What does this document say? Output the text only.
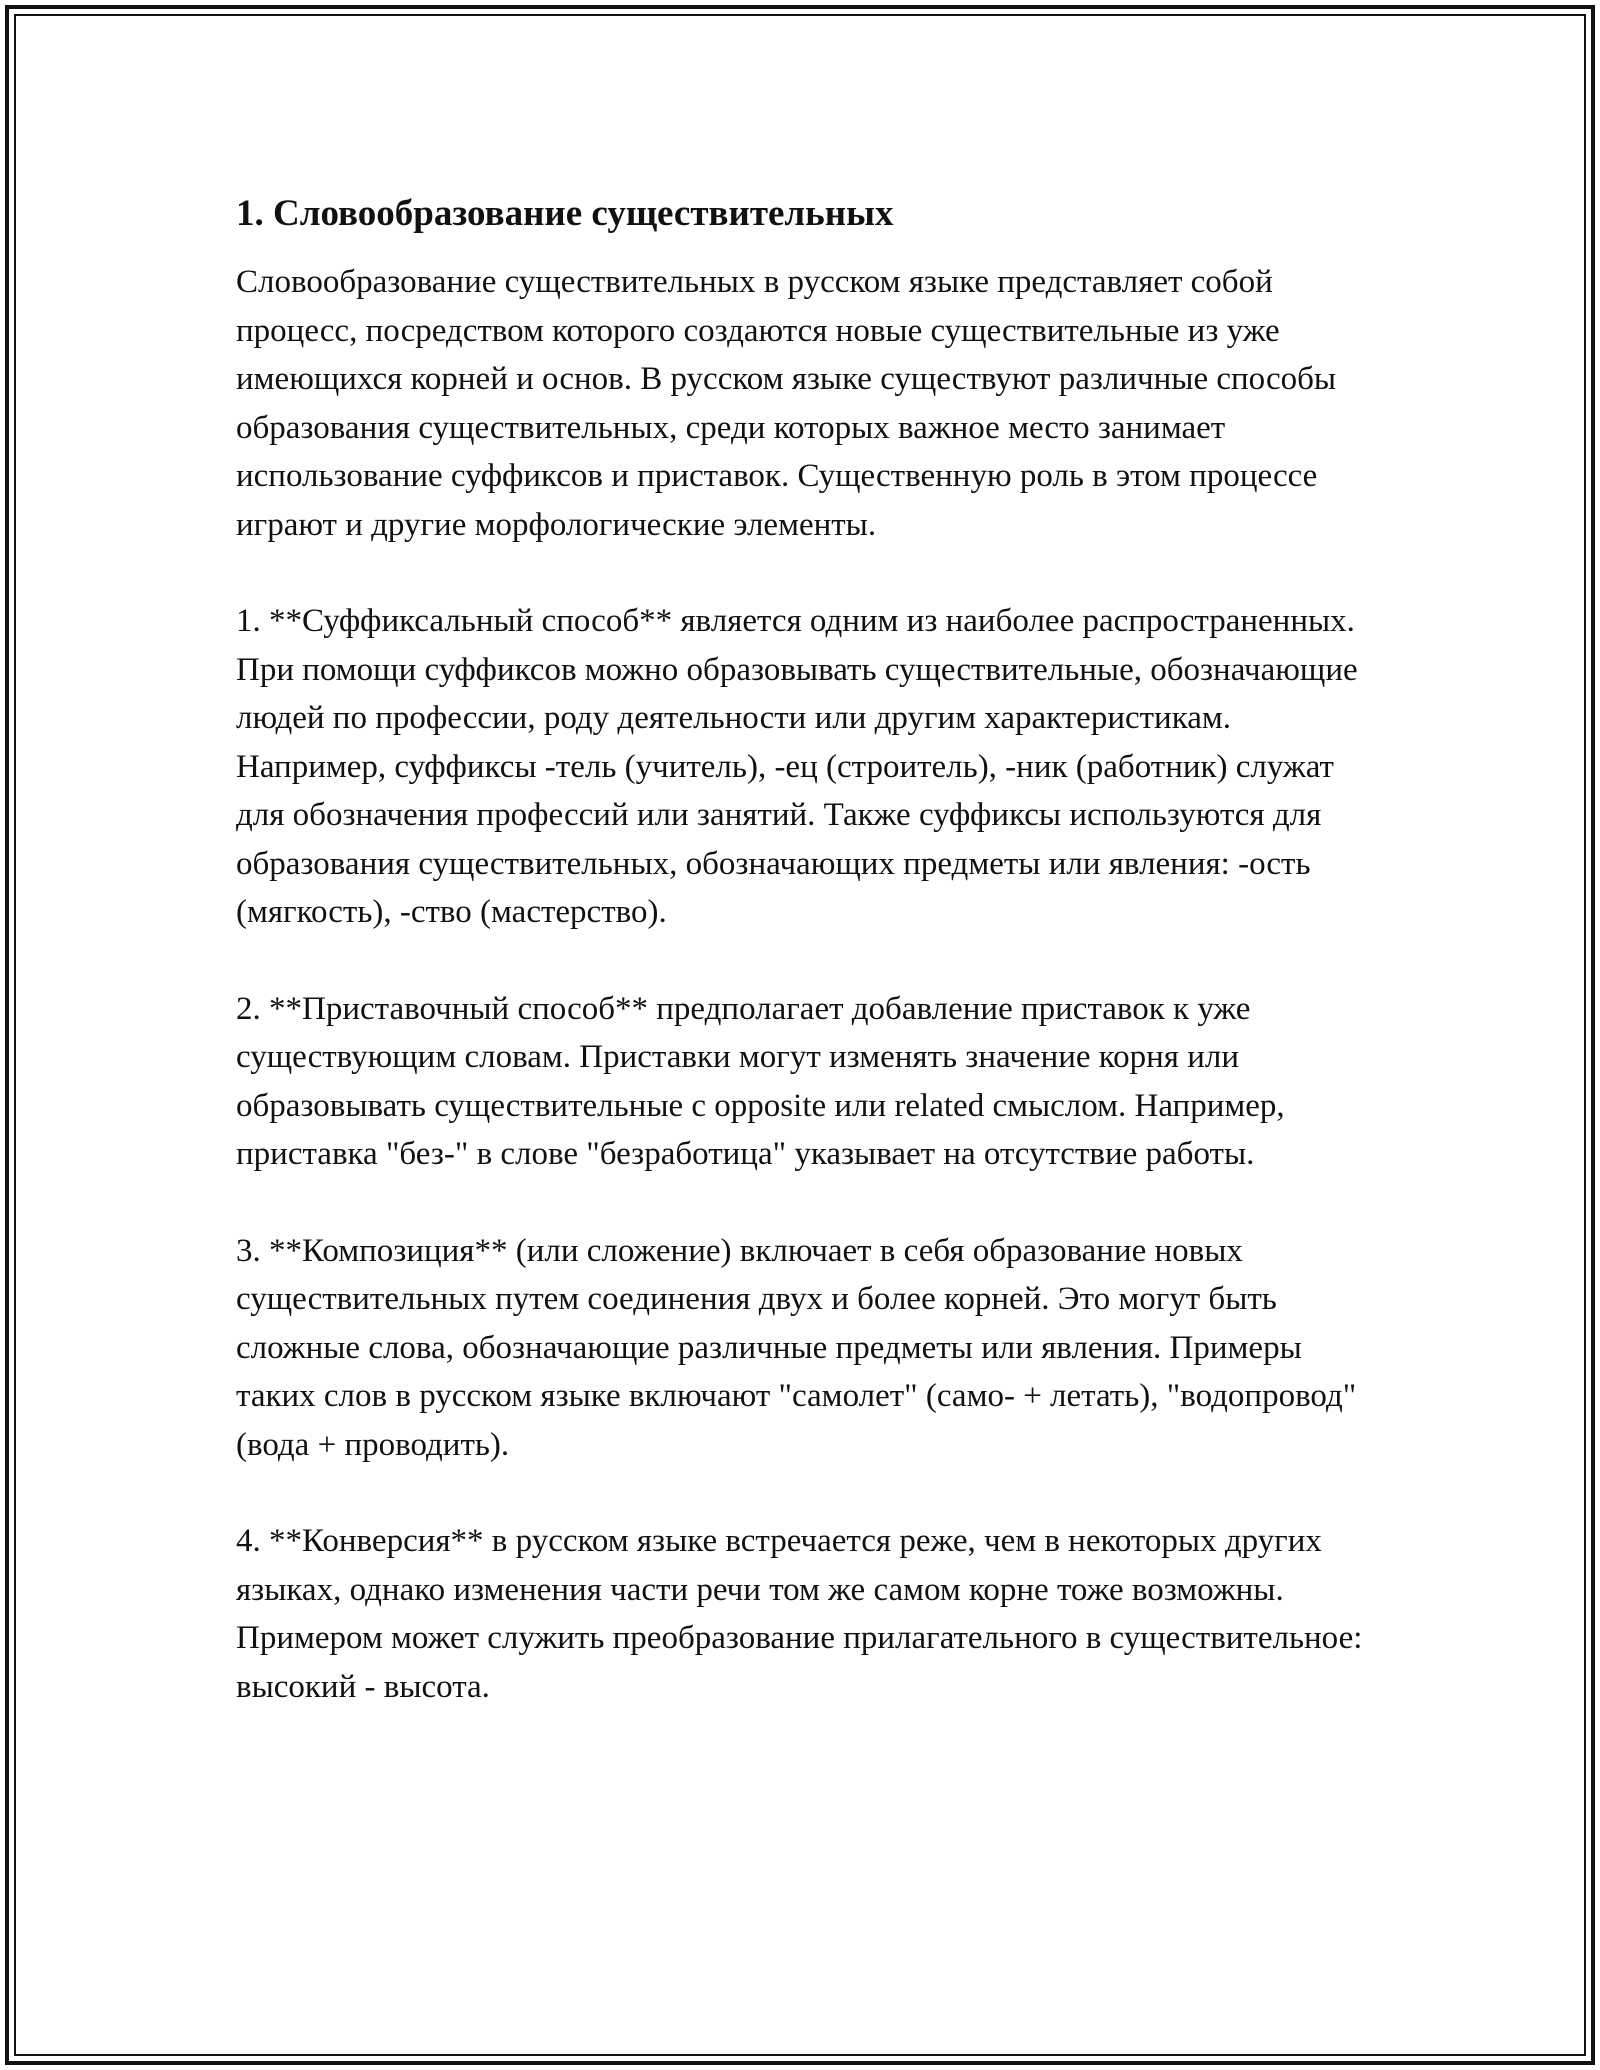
1. Словообразование существительных

Словообразование существительных в русском языке представляет собой процесс, посредством которого создаются новые существительные из уже имеющихся корней и основ. В русском языке существуют различные способы образования существительных, среди которых важное место занимает использование суффиксов и приставок. Существенную роль в этом процессе играют и другие морфологические элементы.

1. **Суффиксальный способ** является одним из наиболее распространенных. При помощи суффиксов можно образовывать существительные, обозначающие людей по профессии, роду деятельности или другим характеристикам. Например, суффиксы -тель (учитель), -ец (строитель), -ник (работник) служат для обозначения профессий или занятий. Также суффиксы используются для образования существительных, обозначающих предметы или явления: -ость (мягкость), -ство (мастерство).

2. **Приставочный способ** предполагает добавление приставок к уже существующим словам. Приставки могут изменять значение корня или образовывать существительные с opposite или related смыслом. Например, приставка "без-" в слове "безработица" указывает на отсутствие работы.

3. **Композиция** (или сложение) включает в себя образование новых существительных путем соединения двух и более корней. Это могут быть сложные слова, обозначающие различные предметы или явления. Примеры таких слов в русском языке включают "самолет" (само- + летать), "водопровод" (вода + проводить).

4. **Конверсия** в русском языке встречается реже, чем в некоторых других языках, однако изменения части речи том же самом корне тоже возможны. Примером может служить преобразование прилагательного в существительное: высокий - высота.
